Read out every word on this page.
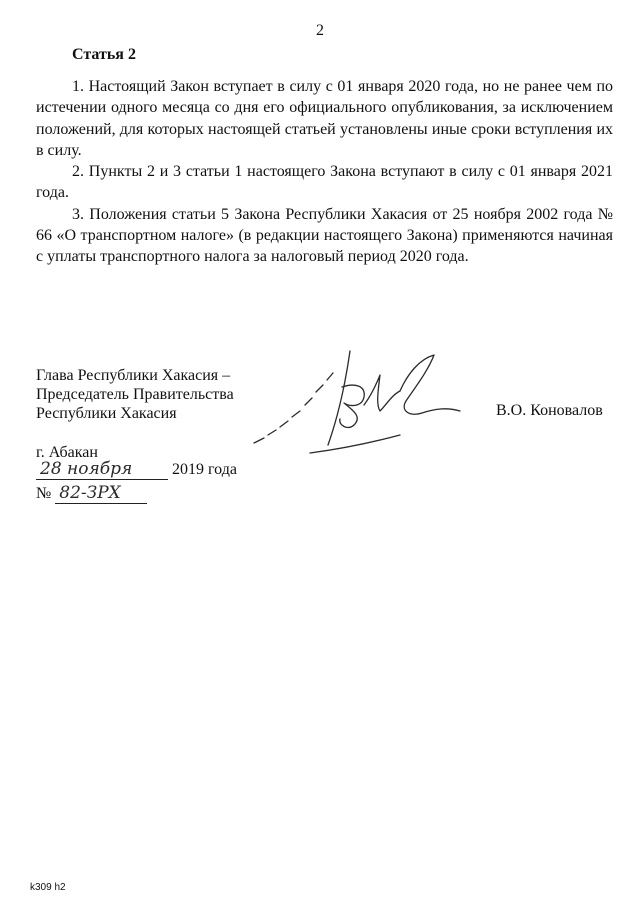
2
Статья 2

1. Настоящий Закон вступает в силу с 01 января 2020 года, но не ранее чем по истечении одного месяца со дня его официального опубликования, за исключением положений, для которых настоящей статьей установлены иные сроки вступления их в силу.

2. Пункты 2 и 3 статьи 1 настоящего Закона вступают в силу с 01 января 2021 года.

3. Положения статьи 5 Закона Республики Хакасия от 25 ноября 2002 года № 66 «О транспортном налоге» (в редакции настоящего Закона) применяются начиная с уплаты транспортного налога за налоговый период 2020 года.

Глава Республики Хакасия –
Председатель Правительства
Республики Хакасия	В.О. Коновалов
г. Абакан
28 ноября 2019 года
№ 82-ЗРХ
k309 h2
